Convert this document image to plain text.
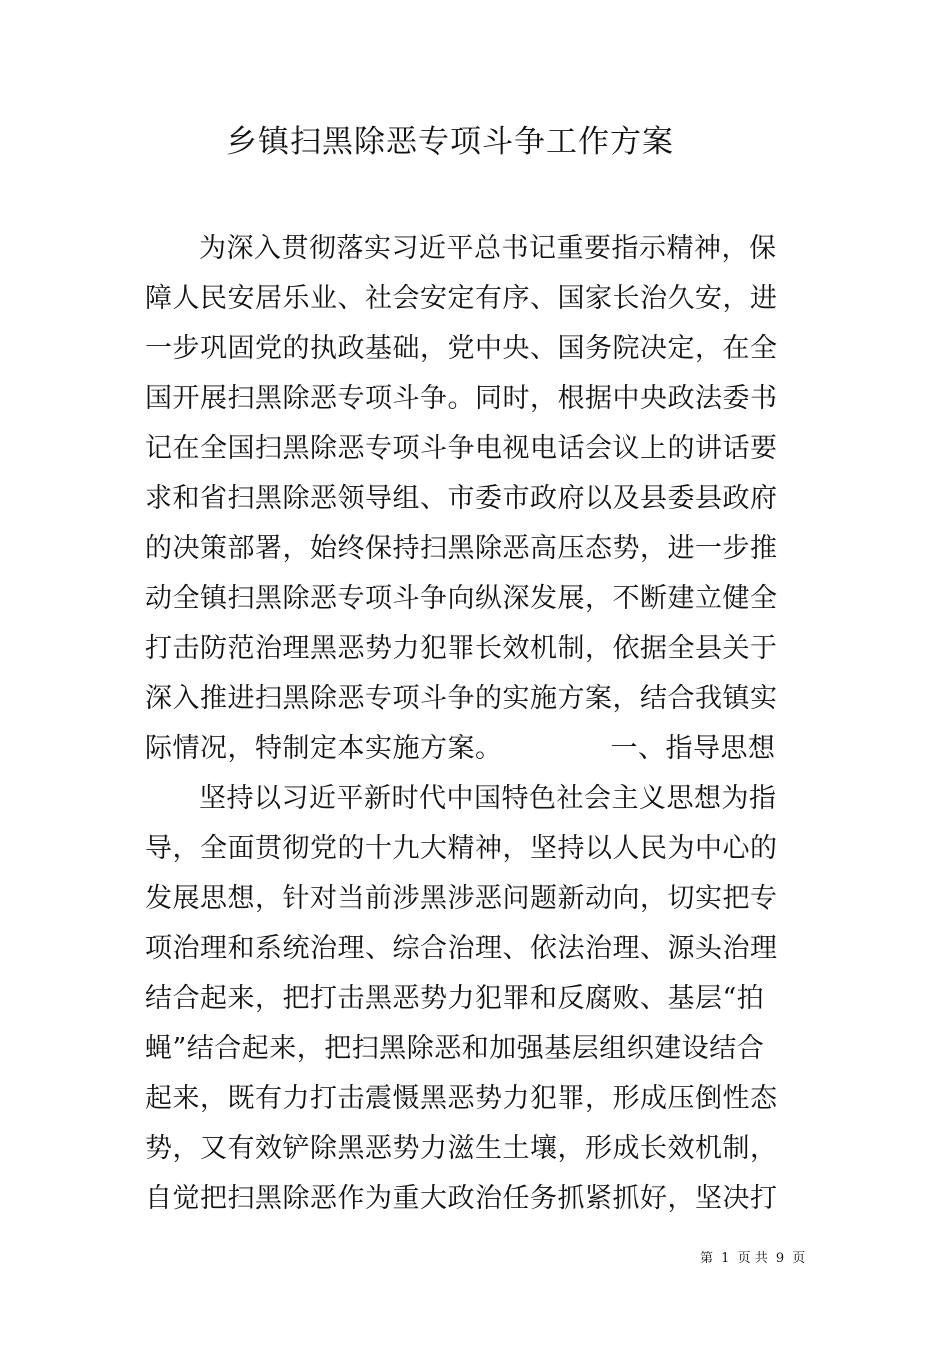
乡镇扫黑除恶专项斗争工作方案
为深入贯彻落实习近平总书记重要指示精神，保
障人民安居乐业、社会安定有序、国家长治久安，进
一步巩固党的执政基础，党中央、国务院决定，在全
国开展扫黑除恶专项斗争。同时，根据中央政法委书
记在全国扫黑除恶专项斗争电视电话会议上的讲话要
求和省扫黑除恶领导组、市委市政府以及县委县政府
的决策部署，始终保持扫黑除恶高压态势，进一步推
动全镇扫黑除恶专项斗争向纵深发展，不断建立健全
打击防范治理黑恶势力犯罪长效机制，依据全县关于
深入推进扫黑除恶专项斗争的实施方案，结合我镇实
际情况，特制定本实施方案。	一、指导思想
坚持以习近平新时代中国特色社会主义思想为指
导，全面贯彻党的十九大精神，坚持以人民为中心的
发展思想，针对当前涉黑涉恶问题新动向，切实把专
项治理和系统治理、综合治理、依法治理、源头治理
结合起来，把打击黑恶势力犯罪和反腐败、基层“拍
蝇”结合起来，把扫黑除恶和加强基层组织建设结合
起来，既有力打击震慑黑恶势力犯罪，形成压倒性态
势，又有效铲除黑恶势力滋生土壤，形成长效机制，
自觉把扫黑除恶作为重大政治任务抓紧抓好，坚决打
第 1 页 共 9 页
